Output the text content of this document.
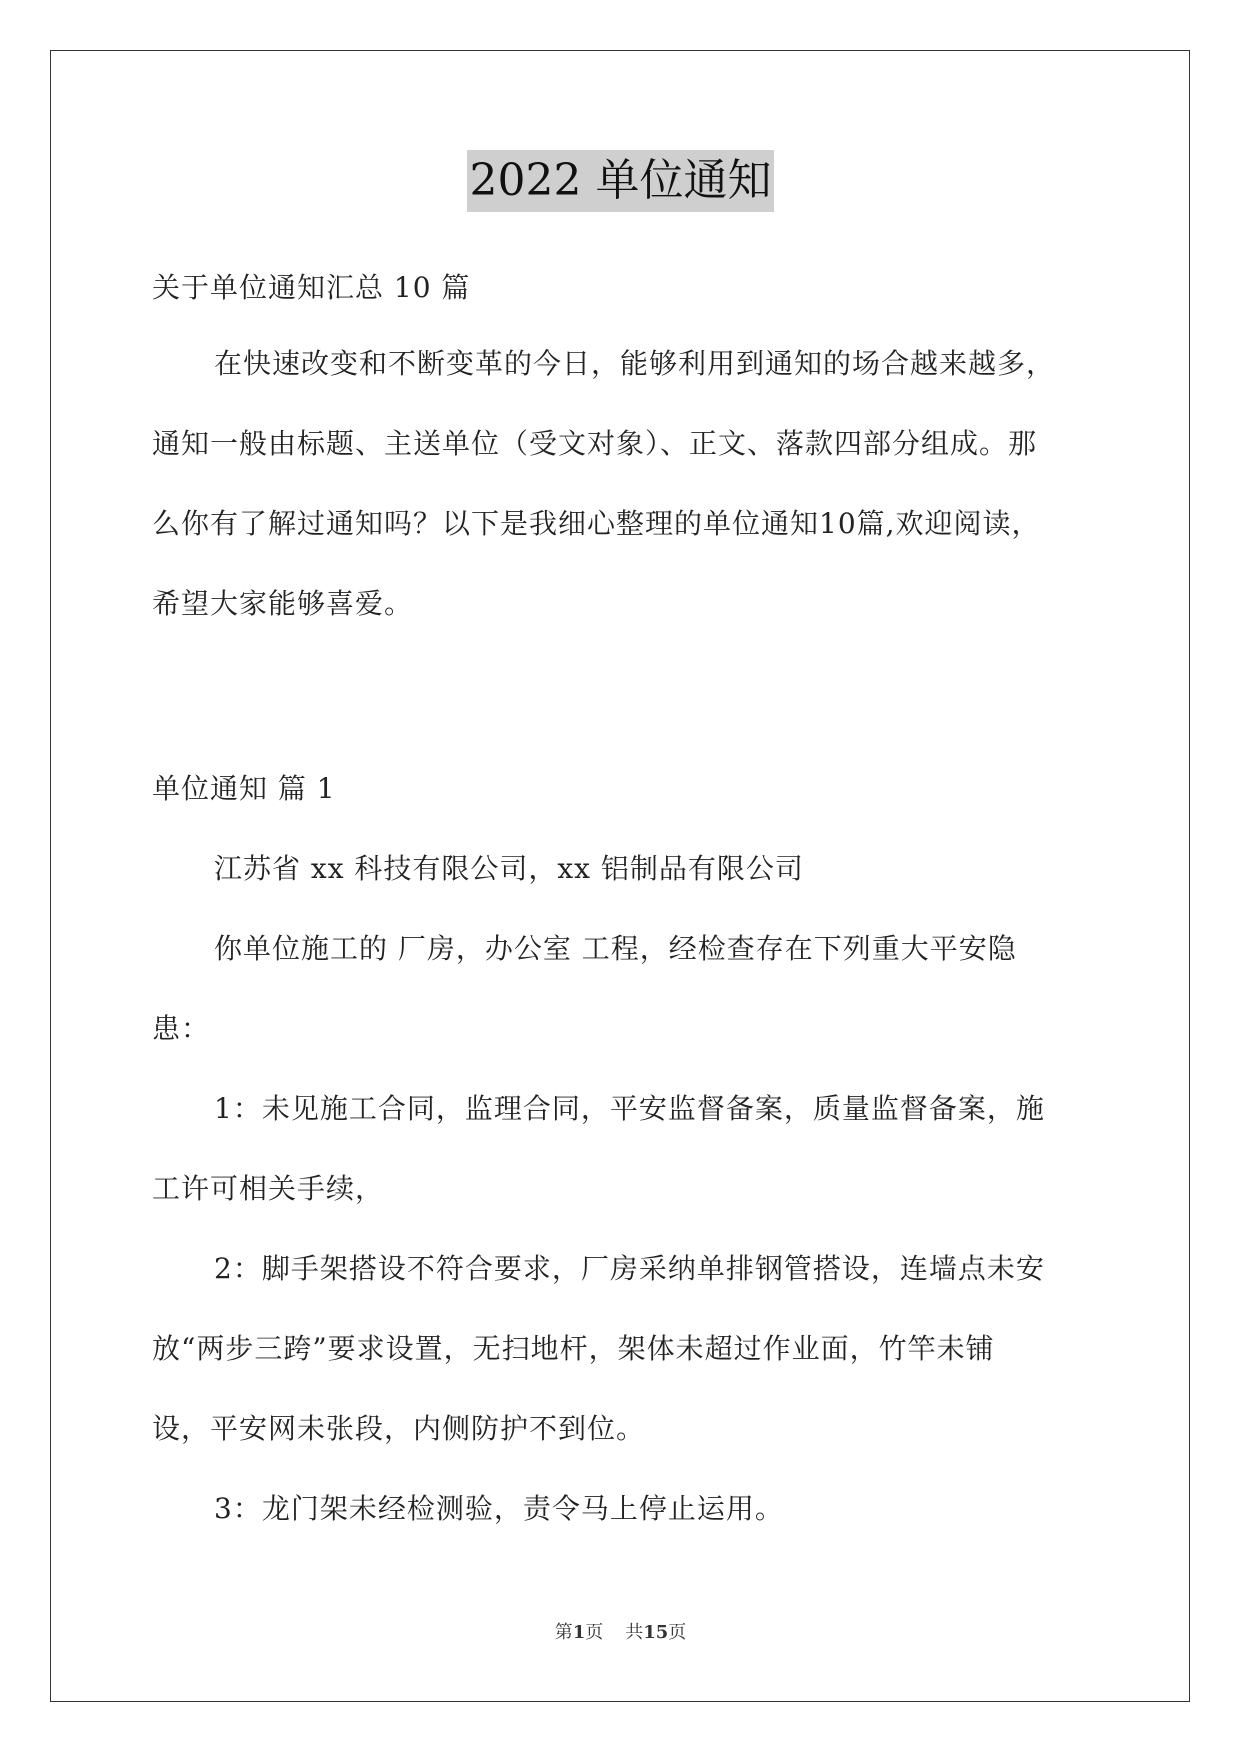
2022 单位通知
关于单位通知汇总 10 篇
在快速改变和不断变革的今日，能够利用到通知的场合越来越多，
通知一般由标题、主送单位（受文对象）、正文、落款四部分组成。那
么你有了解过通知吗？以下是我细心整理的单位通知10篇,欢迎阅读，
希望大家能够喜爱。
单位通知 篇 1
江苏省 xx 科技有限公司，xx 铝制品有限公司
你单位施工的 厂房，办公室 工程，经检查存在下列重大平安隐
患：
1：未见施工合同，监理合同，平安监督备案，质量监督备案，施
工许可相关手续，
2：脚手架搭设不符合要求，厂房采纳单排钢管搭设，连墙点未安
放“两步三跨”要求设置，无扫地杆，架体未超过作业面，竹竿未铺
设，平安网未张段，内侧防护不到位。
3：龙门架未经检测验，责令马上停止运用。
第1页 共15页
